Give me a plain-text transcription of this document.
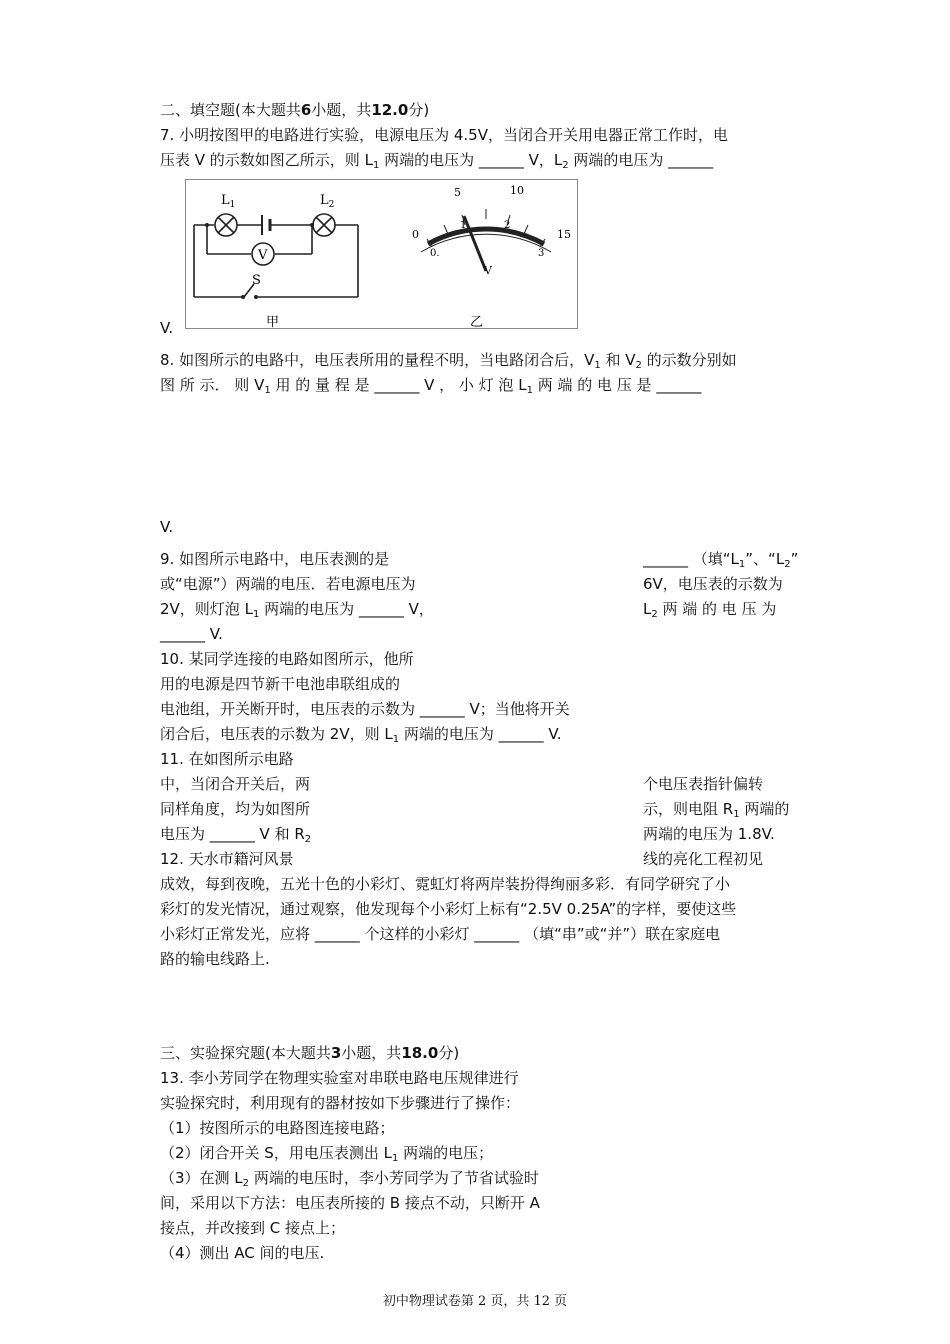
二、填空题(本大题共6小题，共12.0分)
7. 小明按图甲的电路进行实验，电源电压为 4.5V，当闭合开关用电器正常工作时，电
压表 V 的示数如图乙所示，则 $L_1$ 两端的电压为 ______ V，$L_2$ 两端的电压为 ______
$L_1$	$L_2$
V
S
甲
0
5	10
15
0.
1	2
3
V
乙
V.
8. 如图所示的电路中，电压表所用的量程不明，当电路闭合后，$V_1$ 和 $V_2$ 的示数分别如
图 所 示． 则 $V_1$ 用 的 量 程 是 ______ V ， 小 灯 泡 $L_1$ 两 端 的 电 压 是 ______
V.
9. 如图所示电路中，电压表测的是	______ （填“$L_1$”、“$L_2$”
或“电源”）两端的电压．若电源电压为	6V，电压表的示数为
2V，则灯泡 $L_1$ 两端的电压为 ______ V，	$L_2$ 两 端 的 电 压 为
______ V.
10. 某同学连接的电路如图所示，他所
用的电源是四节新干电池串联组成的
电池组，开关断开时，电压表的示数为 ______ V；当他将开关
闭合后，电压表的示数为 2V，则 $L_1$ 两端的电压为 ______ V.
11. 在如图所示电路
中，当闭合开关后，两	个电压表指针偏转
同样角度，均为如图所	示，则电阻 $R_1$ 两端的
电压为 ______ V 和 $R_2$	两端的电压为 1.8V.
12. 天水市籍河风景	线的亮化工程初见
成效，每到夜晚，五光十色的小彩灯、霓虹灯将两岸装扮得绚丽多彩．有同学研究了小
彩灯的发光情况，通过观察，他发现每个小彩灯上标有“2.5V 0.25A”的字样，要使这些
小彩灯正常发光，应将 ______ 个这样的小彩灯 ______ （填“串”或“并”）联在家庭电
路的输电线路上.
三、实验探究题(本大题共3小题，共18.0分)
13. 李小芳同学在物理实验室对串联电路电压规律进行
实验探究时，利用现有的器材按如下步骤进行了操作：
（1）按图所示的电路图连接电路；
（2）闭合开关 S，用电压表测出 $L_1$ 两端的电压；
（3）在测 $L_2$ 两端的电压时，李小芳同学为了节省试验时
间，采用以下方法：电压表所接的 B 接点不动，只断开 A
接点，并改接到 C 接点上；
（4）测出 AC 间的电压.
初中物理试卷第 2 页，共 12 页
